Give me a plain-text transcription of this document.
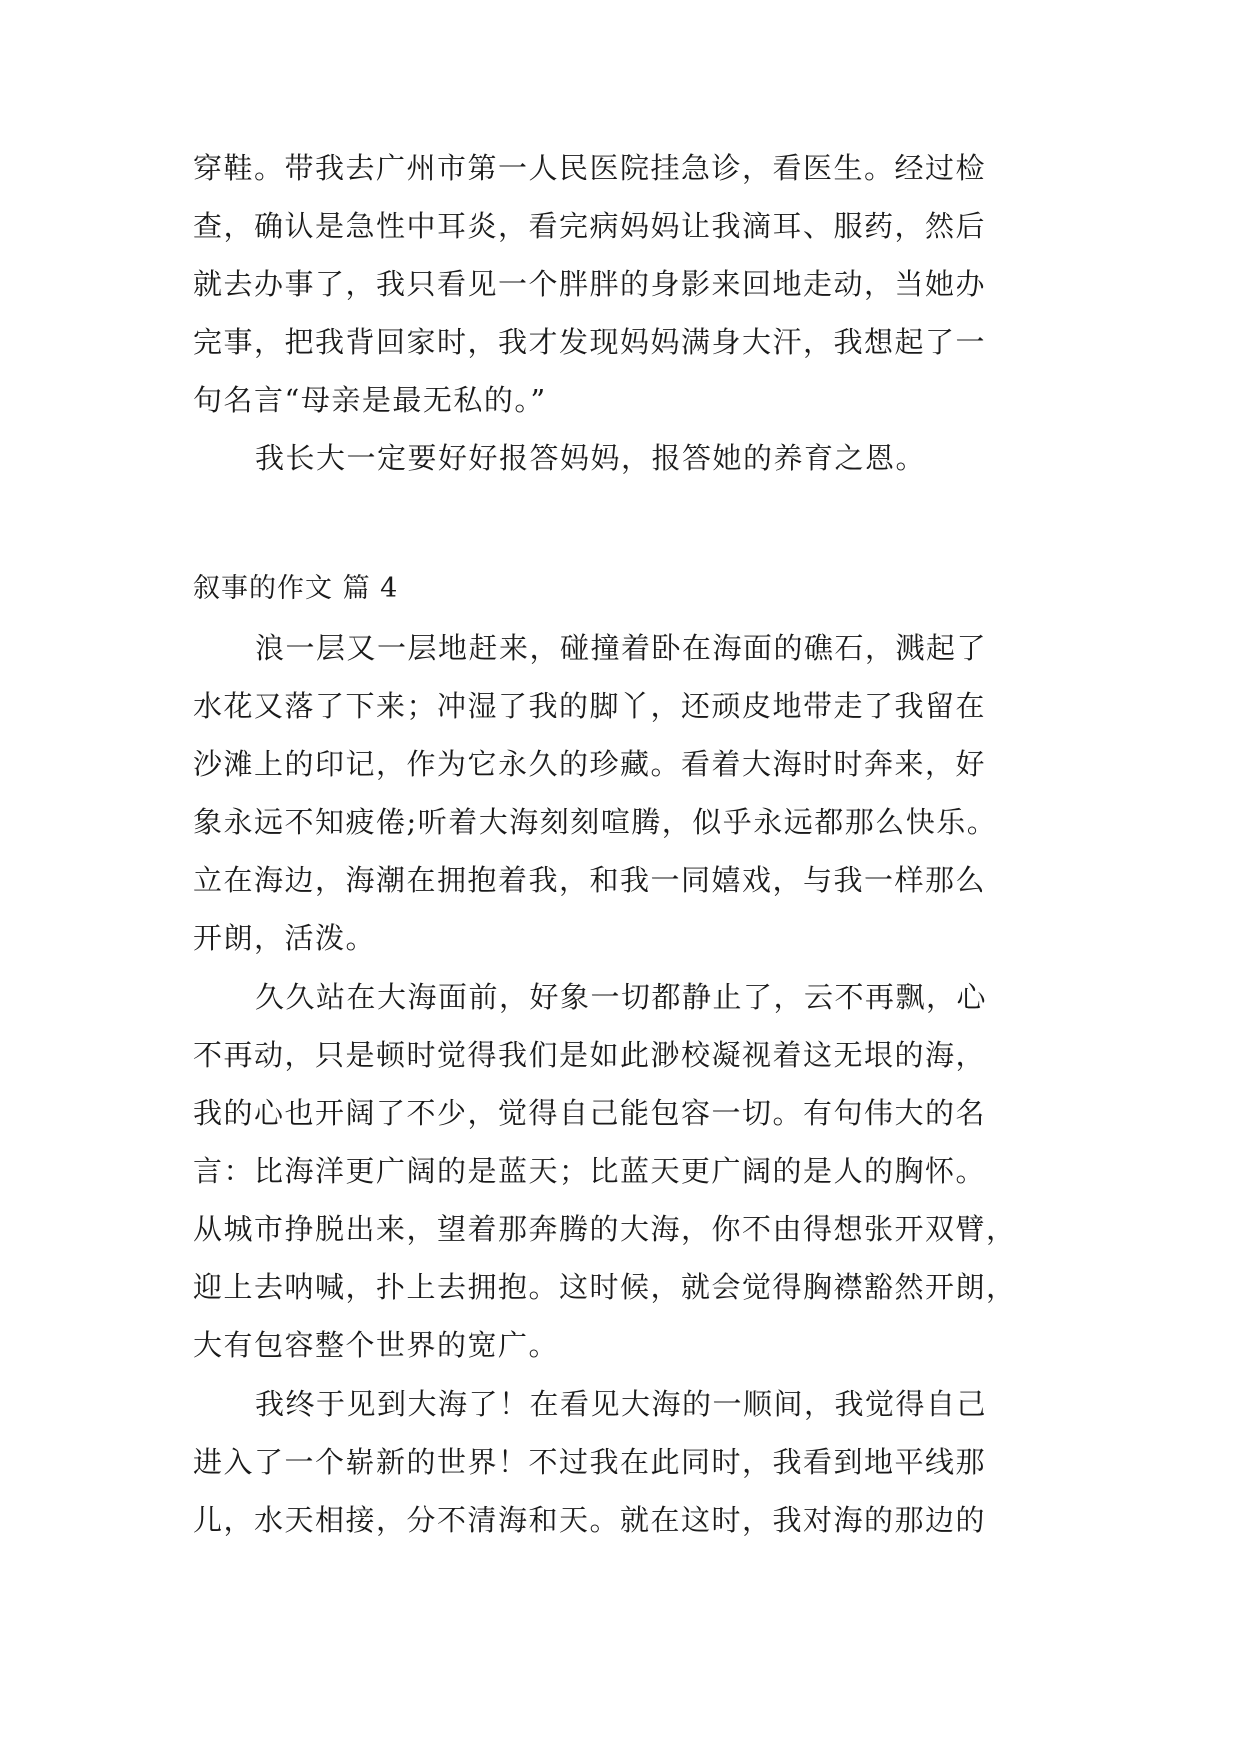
穿鞋。带我去广州市第一人民医院挂急诊，看医生。经过检
查，确认是急性中耳炎，看完病妈妈让我滴耳、服药，然后
就去办事了，我只看见一个胖胖的身影来回地走动，当她办
完事，把我背回家时，我才发现妈妈满身大汗，我想起了一
句名言“母亲是最无私的。”
我长大一定要好好报答妈妈，报答她的养育之恩。
叙事的作文 篇 4
浪一层又一层地赶来，碰撞着卧在海面的礁石，溅起了
水花又落了下来；冲湿了我的脚丫，还顽皮地带走了我留在
沙滩上的印记，作为它永久的珍藏。看着大海时时奔来，好
象永远不知疲倦;听着大海刻刻喧腾，似乎永远都那么快乐。
立在海边，海潮在拥抱着我，和我一同嬉戏，与我一样那么
开朗，活泼。
久久站在大海面前，好象一切都静止了，云不再飘，心
不再动，只是顿时觉得我们是如此渺校凝视着这无垠的海，
我的心也开阔了不少，觉得自己能包容一切。有句伟大的名
言：比海洋更广阔的是蓝天；比蓝天更广阔的是人的胸怀。
从城市挣脱出来，望着那奔腾的大海，你不由得想张开双臂，
迎上去呐喊，扑上去拥抱。这时候，就会觉得胸襟豁然开朗，
大有包容整个世界的宽广。
我终于见到大海了！在看见大海的一顺间，我觉得自己
进入了一个崭新的世界！不过我在此同时，我看到地平线那
儿，水天相接，分不清海和天。就在这时，我对海的那边的
